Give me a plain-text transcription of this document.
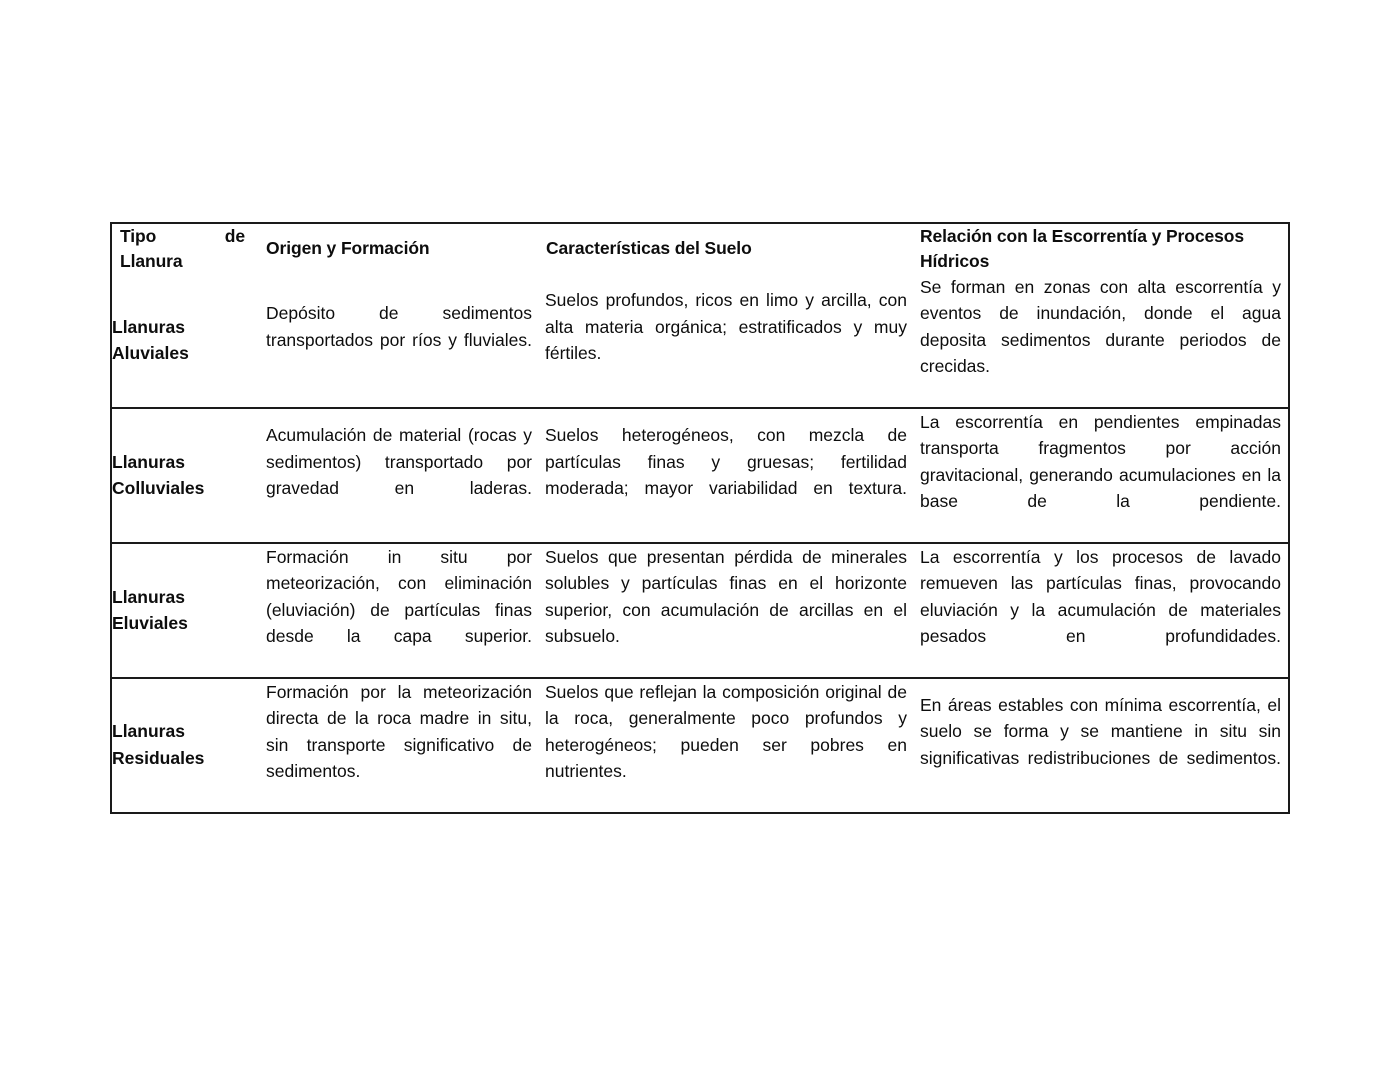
Tipo de Llanura	Origen y Formación	Características del Suelo	Relación con la Escorrentía y Procesos Hídricos
Llanuras
Aluviales	Depósito de sedimentos transportados por ríos y fluviales.	Suelos profundos, ricos en limo y arcilla, con alta materia orgánica; estratificados y muy fértiles.	Se forman en zonas con alta escorrentía y eventos de inundación, donde el agua deposita sedimentos durante periodos de crecidas.

Llanuras
Colluviales	Acumulación de material (rocas y sedimentos) transportado por gravedad en laderas.	Suelos heterogéneos, con mezcla de partículas finas y gruesas; fertilidad moderada; mayor variabilidad en textura.	La escorrentía en pendientes empinadas transporta fragmentos por acción gravitacional, generando acumulaciones en la base de la pendiente.

Llanuras
Eluviales	Formación in situ por meteorización, con eliminación (eluviación) de partículas finas desde la capa superior.	Suelos que presentan pérdida de minerales solubles y partículas finas en el horizonte superior, con acumulación de arcillas en el subsuelo.	La escorrentía y los procesos de lavado remueven las partículas finas, provocando eluviación y la acumulación de materiales pesados en profundidades.

Llanuras
Residuales	Formación por la meteorización directa de la roca madre in situ, sin transporte significativo de sedimentos.	Suelos que reflejan la composición original de la roca, generalmente poco profundos y heterogéneos; pueden ser pobres en nutrientes.	En áreas estables con mínima escorrentía, el suelo se forma y se mantiene in situ sin significativas redistribuciones de sedimentos.
